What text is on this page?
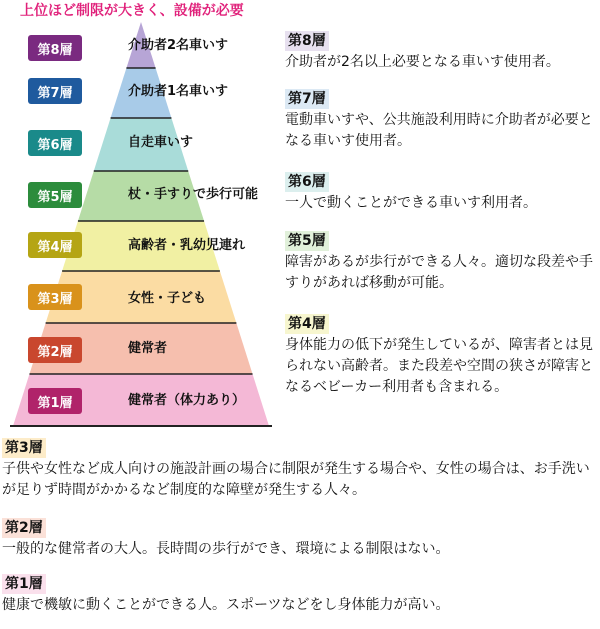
上位ほど制限が大きく、設備が必要
第8層
第7層
第6層
第5層
第4層
第3層
第2層
第1層
介助者2名車いす
介助者1名車いす
自走車いす
杖・手すりで歩行可能
高齢者・乳幼児連れ
女性・子ども
健常者
健常者（体力あり）
第8層
介助者が2名以上必要となる車いす使用者。
第7層
電動車いすや、公共施設利用時に介助者が必要となる車いす使用者。
第6層
一人で動くことができる車いす利用者。
第5層
障害があるが歩行ができる人々。適切な段差や手すりがあれば移動が可能。
第4層
身体能力の低下が発生しているが、障害者とは見られない高齢者。また段差や空間の狭さが障害となるベビーカー利用者も含まれる。
第3層
子供や女性など成人向けの施設計画の場合に制限が発生する場合や、女性の場合は、お手洗いが足りず時間がかかるなど制度的な障壁が発生する人々。
第2層
一般的な健常者の大人。長時間の歩行ができ、環境による制限はない。
第1層
健康で機敏に動くことができる人。スポーツなどをし身体能力が高い。
